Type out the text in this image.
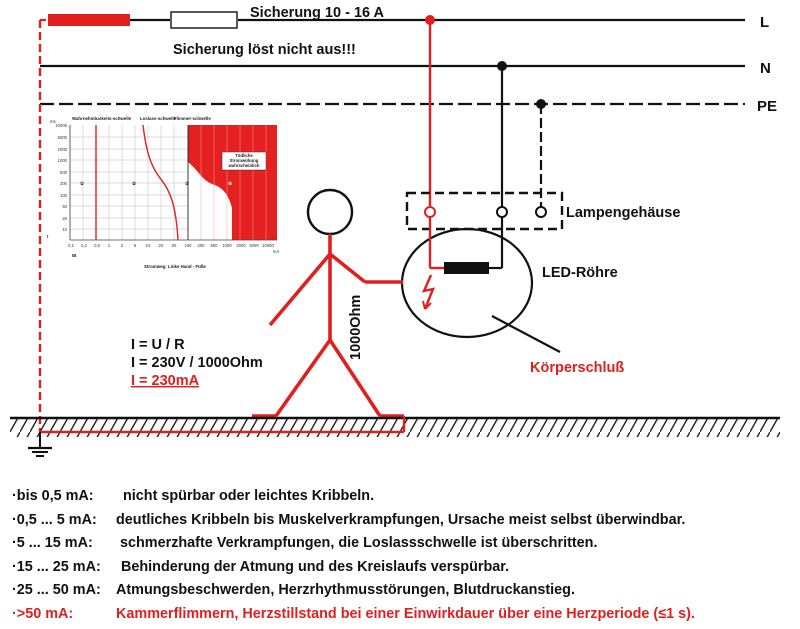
L
N
PE
Sicherung 10 - 16 A
Sicherung löst nicht aus!!!
Lampengehäuse
LED-Röhre
Körperschluß
1000Ohm
I = U / R
I = 230V / 1000Ohm
I = 230mA
10000
5000
2000
1000
500
200
100
50
20
10
ms
t
0,1 0,2 0,5 1	2	5 10 20 50 100 200 500 1000 2000 5000 10000
mA
IB
①	②	③	④
Wahrnehmbarkeits-schwelle Loslass-schwelle
Flimmer-schwelle
Tödliche Stromwirkung wahrscheinlich
Stromweg: Linke Hand - Füße
·bis 0,5 mA: nicht spürbar oder leichtes Kribbeln.
·0,5 ... 5 mA: deutliches Kribbeln bis Muskelverkrampfungen, Ursache meist selbst überwindbar.
·5 ... 15 mA: schmerzhafte Verkrampfungen, die Loslassschwelle ist überschritten.
·15 ... 25 mA: Behinderung der Atmung und des Kreislaufs verspürbar.
·25 ... 50 mA: Atmungsbeschwerden, Herzrhythmusstörungen, Blutdruckanstieg.
·>50 mA:	Kammerflimmern, Herzstillstand bei einer Einwirkdauer über eine Herzperiode (≤1 s).
